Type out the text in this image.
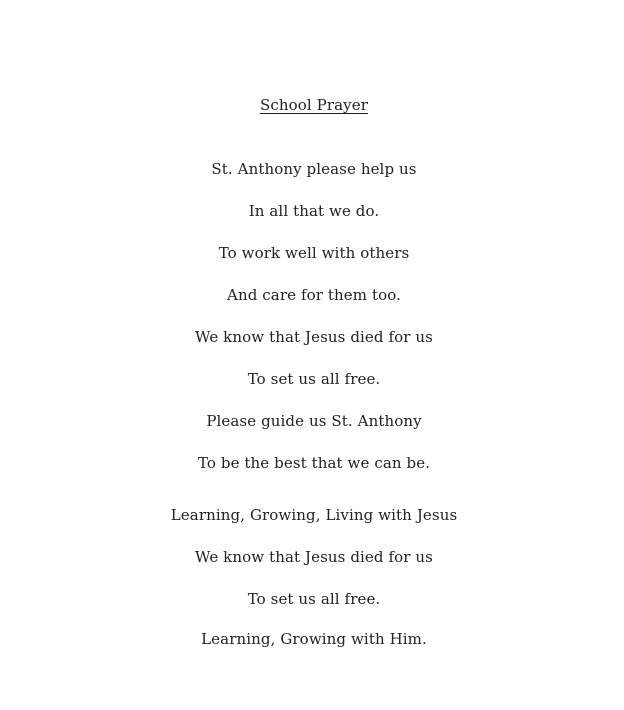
School Prayer
St. Anthony please help us
In all that we do.
To work well with others
And care for them too.
We know that Jesus died for us
To set us all free.
Please guide us St. Anthony
To be the best that we can be.
Learning, Growing, Living with Jesus
We know that Jesus died for us
To set us all free.
Learning, Growing with Him.
